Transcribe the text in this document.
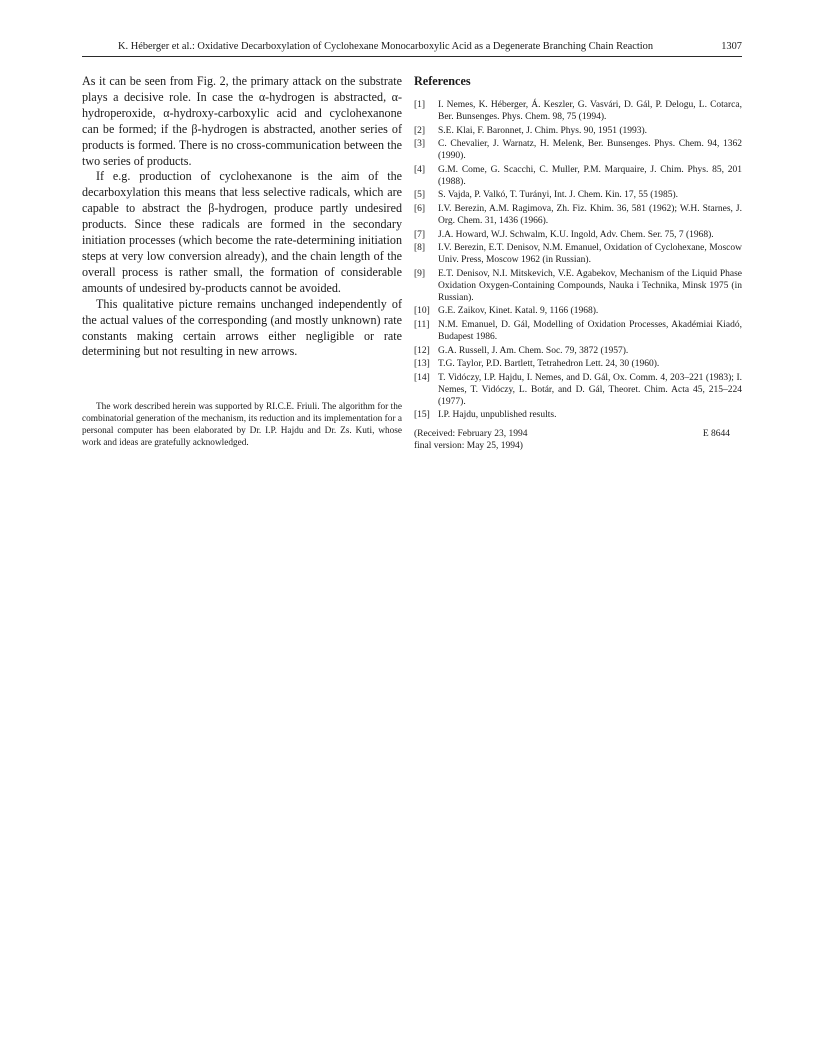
K. Héberger et al.: Oxidative Decarboxylation of Cyclohexane Monocarboxylic Acid as a Degenerate Branching Chain Reaction	1307

As it can be seen from Fig. 2, the primary attack on the substrate plays a decisive role. In case the α-hydrogen is abstracted, α-hydroperoxide, α-hydroxy-carboxylic acid and cyclohexanone can be formed; if the β-hydrogen is abstracted, another series of products is formed. There is no cross-communication between the two series of products.

If e.g. production of cyclohexanone is the aim of the decarboxylation this means that less selective radicals, which are capable to abstract the β-hydrogen, produce partly undesired products. Since these radicals are formed in the secondary initiation processes (which become the rate-determining initiation steps at very low conversion already), and the chain length of the overall process is rather small, the formation of considerable amounts of undesired by-products cannot be avoided.

This qualitative picture remains unchanged independently of the actual values of the corresponding (and mostly unknown) rate constants making certain arrows either negligible or rate determining but not resulting in new arrows.

The work described herein was supported by RI.C.E. Friuli. The algorithm for the combinatorial generation of the mechanism, its reduction and its implementation for a personal computer has been elaborated by Dr. I.P. Hajdu and Dr. Zs. Kuti, whose work and ideas are gratefully acknowledged.

References
[1] I. Nemes, K. Héberger, Á. Keszler, G. Vasvári, D. Gál, P. Delogu, L. Cotarca, Ber. Bunsenges. Phys. Chem. 98, 75 (1994).
[2] S.E. Klai, F. Baronnet, J. Chim. Phys. 90, 1951 (1993).
[3] C. Chevalier, J. Warnatz, H. Melenk, Ber. Bunsenges. Phys. Chem. 94, 1362 (1990).
[4] G.M. Come, G. Scacchi, C. Muller, P.M. Marquaire, J. Chim. Phys. 85, 201 (1988).
[5] S. Vajda, P. Valkó, T. Turányi, Int. J. Chem. Kin. 17, 55 (1985).
[6] I.V. Berezin, A.M. Ragimova, Zh. Fiz. Khim. 36, 581 (1962); W.H. Starnes, J. Org. Chem. 31, 1436 (1966).
[7] J.A. Howard, W.J. Schwalm, K.U. Ingold, Adv. Chem. Ser. 75, 7 (1968).
[8] I.V. Berezin, E.T. Denisov, N.M. Emanuel, Oxidation of Cyclohexane, Moscow Univ. Press, Moscow 1962 (in Russian).
[9] E.T. Denisov, N.I. Mitskevich, V.E. Agabekov, Mechanism of the Liquid Phase Oxidation Oxygen-Containing Compounds, Nauka i Technika, Minsk 1975 (in Russian).
[10] G.E. Zaikov, Kinet. Katal. 9, 1166 (1968).
[11] N.M. Emanuel, D. Gál, Modelling of Oxidation Processes, Akadémiai Kiadó, Budapest 1986.
[12] G.A. Russell, J. Am. Chem. Soc. 79, 3872 (1957).
[13] T.G. Taylor, P.D. Bartlett, Tetrahedron Lett. 24, 30 (1960).
[14] T. Vidóczy, I.P. Hajdu, I. Nemes, and D. Gál, Ox. Comm. 4, 203–221 (1983); I. Nemes, T. Vidóczy, L. Botár, and D. Gál, Theoret. Chim. Acta 45, 215–224 (1977).
[15] I.P. Hajdu, unpublished results.
(Received: February 23, 1994
final version: May 25, 1994)
E 8644
